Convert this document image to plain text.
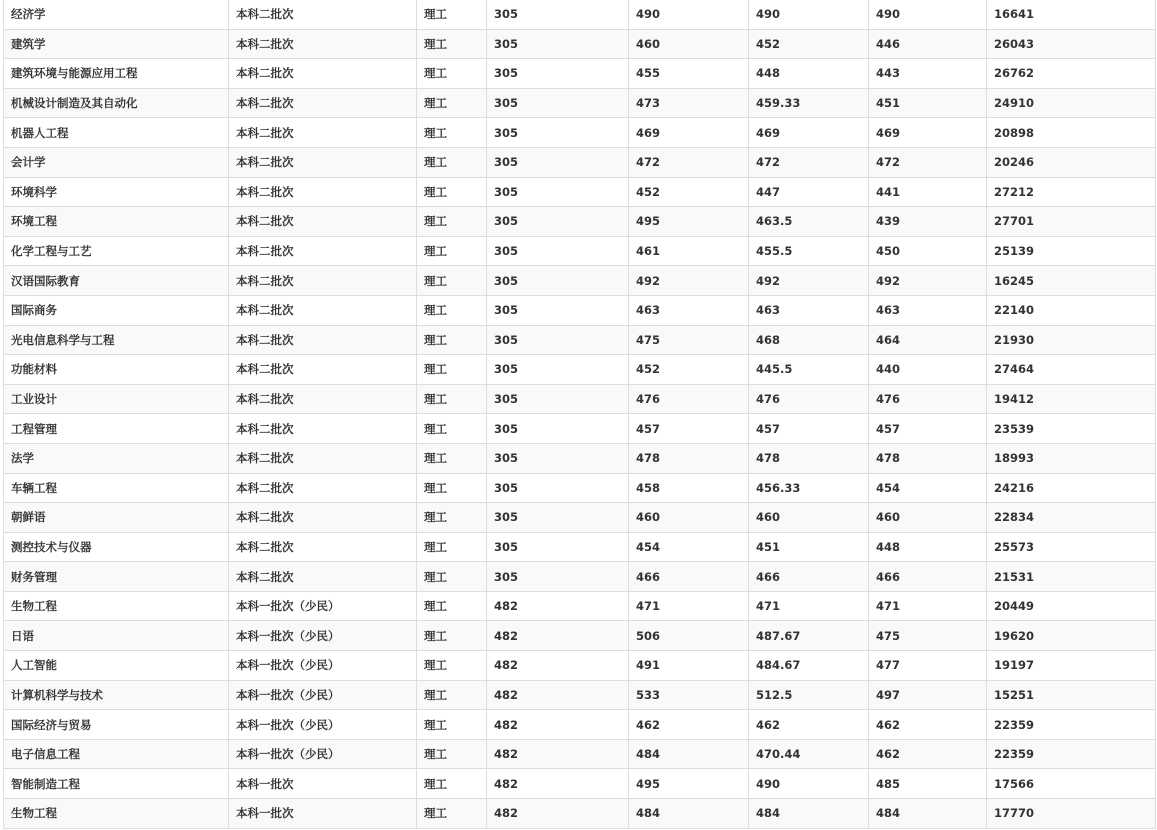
经济学	本科二批次	理工	305	490	490	490	16641
建筑学	本科二批次	理工	305	460	452	446	26043
建筑环境与能源应用工程	本科二批次	理工	305	455	448	443	26762
机械设计制造及其自动化	本科二批次	理工	305	473	459.33	451	24910
机器人工程	本科二批次	理工	305	469	469	469	20898
会计学	本科二批次	理工	305	472	472	472	20246
环境科学	本科二批次	理工	305	452	447	441	27212
环境工程	本科二批次	理工	305	495	463.5	439	27701
化学工程与工艺	本科二批次	理工	305	461	455.5	450	25139
汉语国际教育	本科二批次	理工	305	492	492	492	16245
国际商务	本科二批次	理工	305	463	463	463	22140
光电信息科学与工程	本科二批次	理工	305	475	468	464	21930
功能材料	本科二批次	理工	305	452	445.5	440	27464
工业设计	本科二批次	理工	305	476	476	476	19412
工程管理	本科二批次	理工	305	457	457	457	23539
法学	本科二批次	理工	305	478	478	478	18993
车辆工程	本科二批次	理工	305	458	456.33	454	24216
朝鲜语	本科二批次	理工	305	460	460	460	22834
测控技术与仪器	本科二批次	理工	305	454	451	448	25573
财务管理	本科二批次	理工	305	466	466	466	21531
生物工程	本科一批次（少民）	理工	482	471	471	471	20449
日语	本科一批次（少民）	理工	482	506	487.67	475	19620
人工智能	本科一批次（少民）	理工	482	491	484.67	477	19197
计算机科学与技术	本科一批次（少民）	理工	482	533	512.5	497	15251
国际经济与贸易	本科一批次（少民）	理工	482	462	462	462	22359
电子信息工程	本科一批次（少民）	理工	482	484	470.44	462	22359
智能制造工程	本科一批次	理工	482	495	490	485	17566
生物工程	本科一批次	理工	482	484	484	484	17770
